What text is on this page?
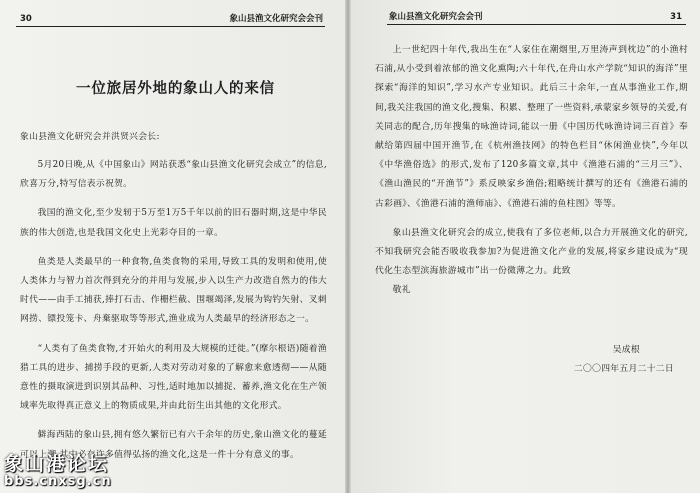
30	象山县渔文化研究会会刊
一位旅居外地的象山人的来信

象山县渔文化研究会并洪贤兴会长:

5月20日晚,从《中国象山》网站获悉“象山县渔文化研究会成立”的信息,欣喜万分,特写信表示祝贺。

我国的渔文化,至少发轫于5万至1万5千年以前的旧石器时期,这是中华民族的伟大创造,也是我国文化史上光彩夺目的一章。

鱼类是人类最早的一种食物,鱼类食物的采用,导致工具的发明和使用,使人类体力与智力首次得到充分的并用与发展,步入以生产力改造自然力的伟大时代——由手工捕获,捧打石击、作栅栏截、围堰竭泽,发展为钩钓矢射、叉刺网捞、镖投笼卡、舟棄驱取等等形式,渔业成为人类最早的经济形态之一。

“人类有了鱼类食物,才开始火的利用及大规模的迁徙。”(摩尔根语)随着渔猎工具的进步、捕捞手段的更新,人类对劳动对象的了解愈来愈透彻——从随意性的摄取演进到识别其品种、习性,适时地加以捕捉、蓄养,渔文化在生产领域率先取得真正意义上的物质成果,并由此衍生出其他的文化形式。

僻海西陆的象山县,拥有悠久繁衍已有六千余年的历史,象山渔文化的蔓延可以上溯,其中必存许多值得弘扬的渔文化,这是一件十分有意义的事。

象山县渔文化研究会会刊	31

上一世纪四十年代,我出生在“人家住在潮烟里,万里涛声到枕边”的小渔村石浦,从小受到着浓郁的渔文化熏陶;六十年代,在舟山水产学院“知识的海洋”里探索“海洋的知识”,学习水产专业知识。此后三十余年,一直从事渔业工作,期间,我关注我国的渔文化,搜集、积累、整理了一些资料,承蒙家乡领导的关爱,有关同志的配合,历年搜集的咏渔诗词,能以一册《中国历代咏渔诗词三百首》奉献给第四届中国开渔节,在《杭州渔技网》的特色栏目“休闲渔业快”,今年以《中华渔俗选》的形式,发布了120多篇文章,其中《渔港石浦的“三月三”》、《渔山渔民的“开渔节”》系反映家乡渔俗;粗略统计撰写的还有《渔港石浦的古彩画》、《渔港石浦的渔师庙》、《渔港石浦的鱼柱图》等等。

象山县渔文化研究会的成立,使我有了多位老师,以合力开展渔文化的研究,不知我研究会能否吸收我参加?为促进渔文化产业的发展,将家乡建设成为“现代化生态型滨海旅游城市”出一份微薄之力。此致

敬礼

吴成根
二〇〇四年五月二十二日
象山港论坛
bbs.cnxsg.cn
